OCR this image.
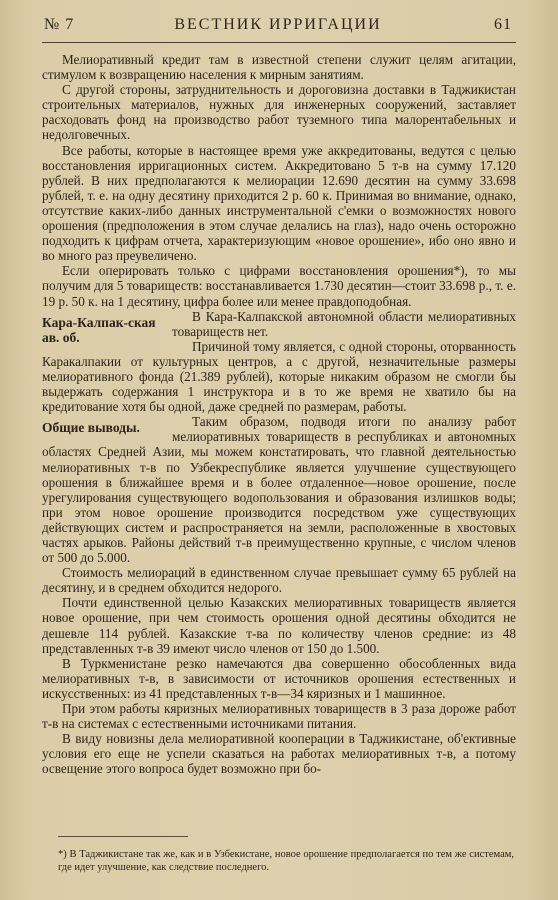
№ 7	ВЕСТНИК ИРРИГАЦИИ	61

Мелиоративный кредит там в известной степени служит целям агитации, стимулом к возвращению населения к мирным занятиям.

С другой стороны, затруднительность и дороговизна доставки в Таджикистан строительных материалов, нужных для инженерных сооружений, заставляет расходовать фонд на производство работ туземного типа малорентабельных и недолговечных.

Все работы, которые в настоящее время уже аккредитованы, ведутся с целью восстановления ирригационных систем. Аккредитовано 5 т-в на сумму 17.120 рублей. В них предполагаются к мелиорации 12.690 десятин на сумму 33.698 рублей, т. е. на одну десятину приходится 2 р. 60 к. Принимая во внимание, однако, отсутствие каких-либо данных инструментальной с'емки о возможностях нового орошения (предположения в этом случае делались на глаз), надо очень осторожно подходить к цифрам отчета, характеризующим «новое орошение», ибо оно явно и во много раз преувеличено.

Если оперировать только с цифрами восстановления орошения*), то мы получим для 5 товариществ: восстанавливается 1.730 десятин—стоит 33.698 р., т. е. 19 р. 50 к. на 1 десятину, цифра более или менее правдоподобная.

Кара-Калпак-ская ав. об.

В Кара-Калпакской автономной области мелиоративных товариществ нет.

Причиной тому является, с одной стороны, оторванность Каракалпакии от культурных центров, а с другой, незначительные размеры мелиоративного фонда (21.389 рублей), которые никаким образом не смогли бы выдержать содержания 1 инструктора и в то же время не хватило бы на кредитование хотя бы одной, даже средней по размерам, работы.

Общие выводы.	Таким образом, подводя итоги по анализу работ мелиоративных товариществ в республиках и автономных областях Средней Азии, мы можем констатировать, что главной деятельностью мелиоративных т-в по Узбекреспублике является улучшение существующего орошения в ближайшее время и в более отдаленное—новое орошение, после урегулирования существующего водопользования и образования излишков воды; при этом новое орошение производится посредством уже существующих действующих систем и распространяется на земли, расположенные в хвостовых частях арыков. Районы действий т-в преимущественно крупные, с числом членов от 500 до 5.000.

Стоимость мелиораций в единственном случае превышает сумму 65 рублей на десятину, и в среднем обходится недорого.

Почти единственной целью Казакских мелиоративных товариществ является новое орошение, при чем стоимость орошения одной десятины обходится не дешевле 114 рублей. Казакские т-ва по количеству членов средние: из 48 представленных т-в 39 имеют число членов от 150 до 1.500.

В Туркменистане резко намечаются два совершенно обособленных вида мелиоративных т-в, в зависимости от источников орошения естественных и искусственных: из 41 представленных т-в—34 кяризных и 1 машинное.

При этом работы кяризных мелиоративных товариществ в 3 раза дороже работ т-в на системах с естественными источниками питания.

В виду новизны дела мелиоративной кооперации в Таджикистане, об'ективные условия его еще не успели сказаться на работах мелиоративных т-в, а потому освещение этого вопроса будет возможно при бо-

*) В Таджикистане так же, как и в Узбекистане, новое орошение предполагается по тем же системам, где идет улучшение, как следствие последнего.
